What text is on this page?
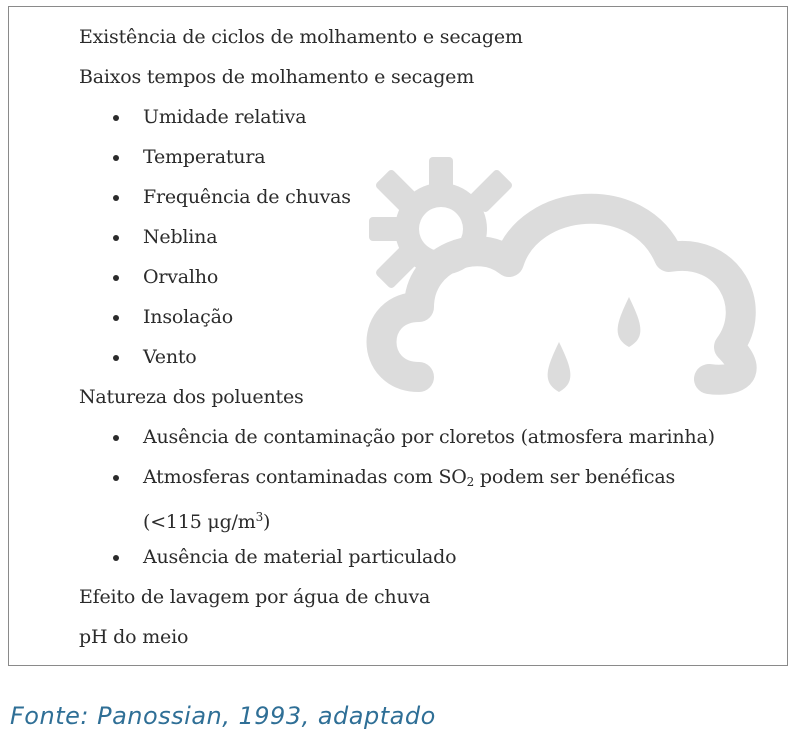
Existência de ciclos de molhamento e secagem
Baixos tempos de molhamento e secagem
Umidade relativa
Temperatura
Frequência de chuvas
Neblina
Orvalho
Insolação
Vento
Natureza dos poluentes
Ausência de contaminação por cloretos (atmosfera marinha)
Atmosferas contaminadas com $SO_2$ podem ser benéficas
(<115 $\mu g/m^3$)
Ausência de material particulado
Efeito de lavagem por água de chuva
pH do meio
Fonte: Panossian, 1993, adaptado
